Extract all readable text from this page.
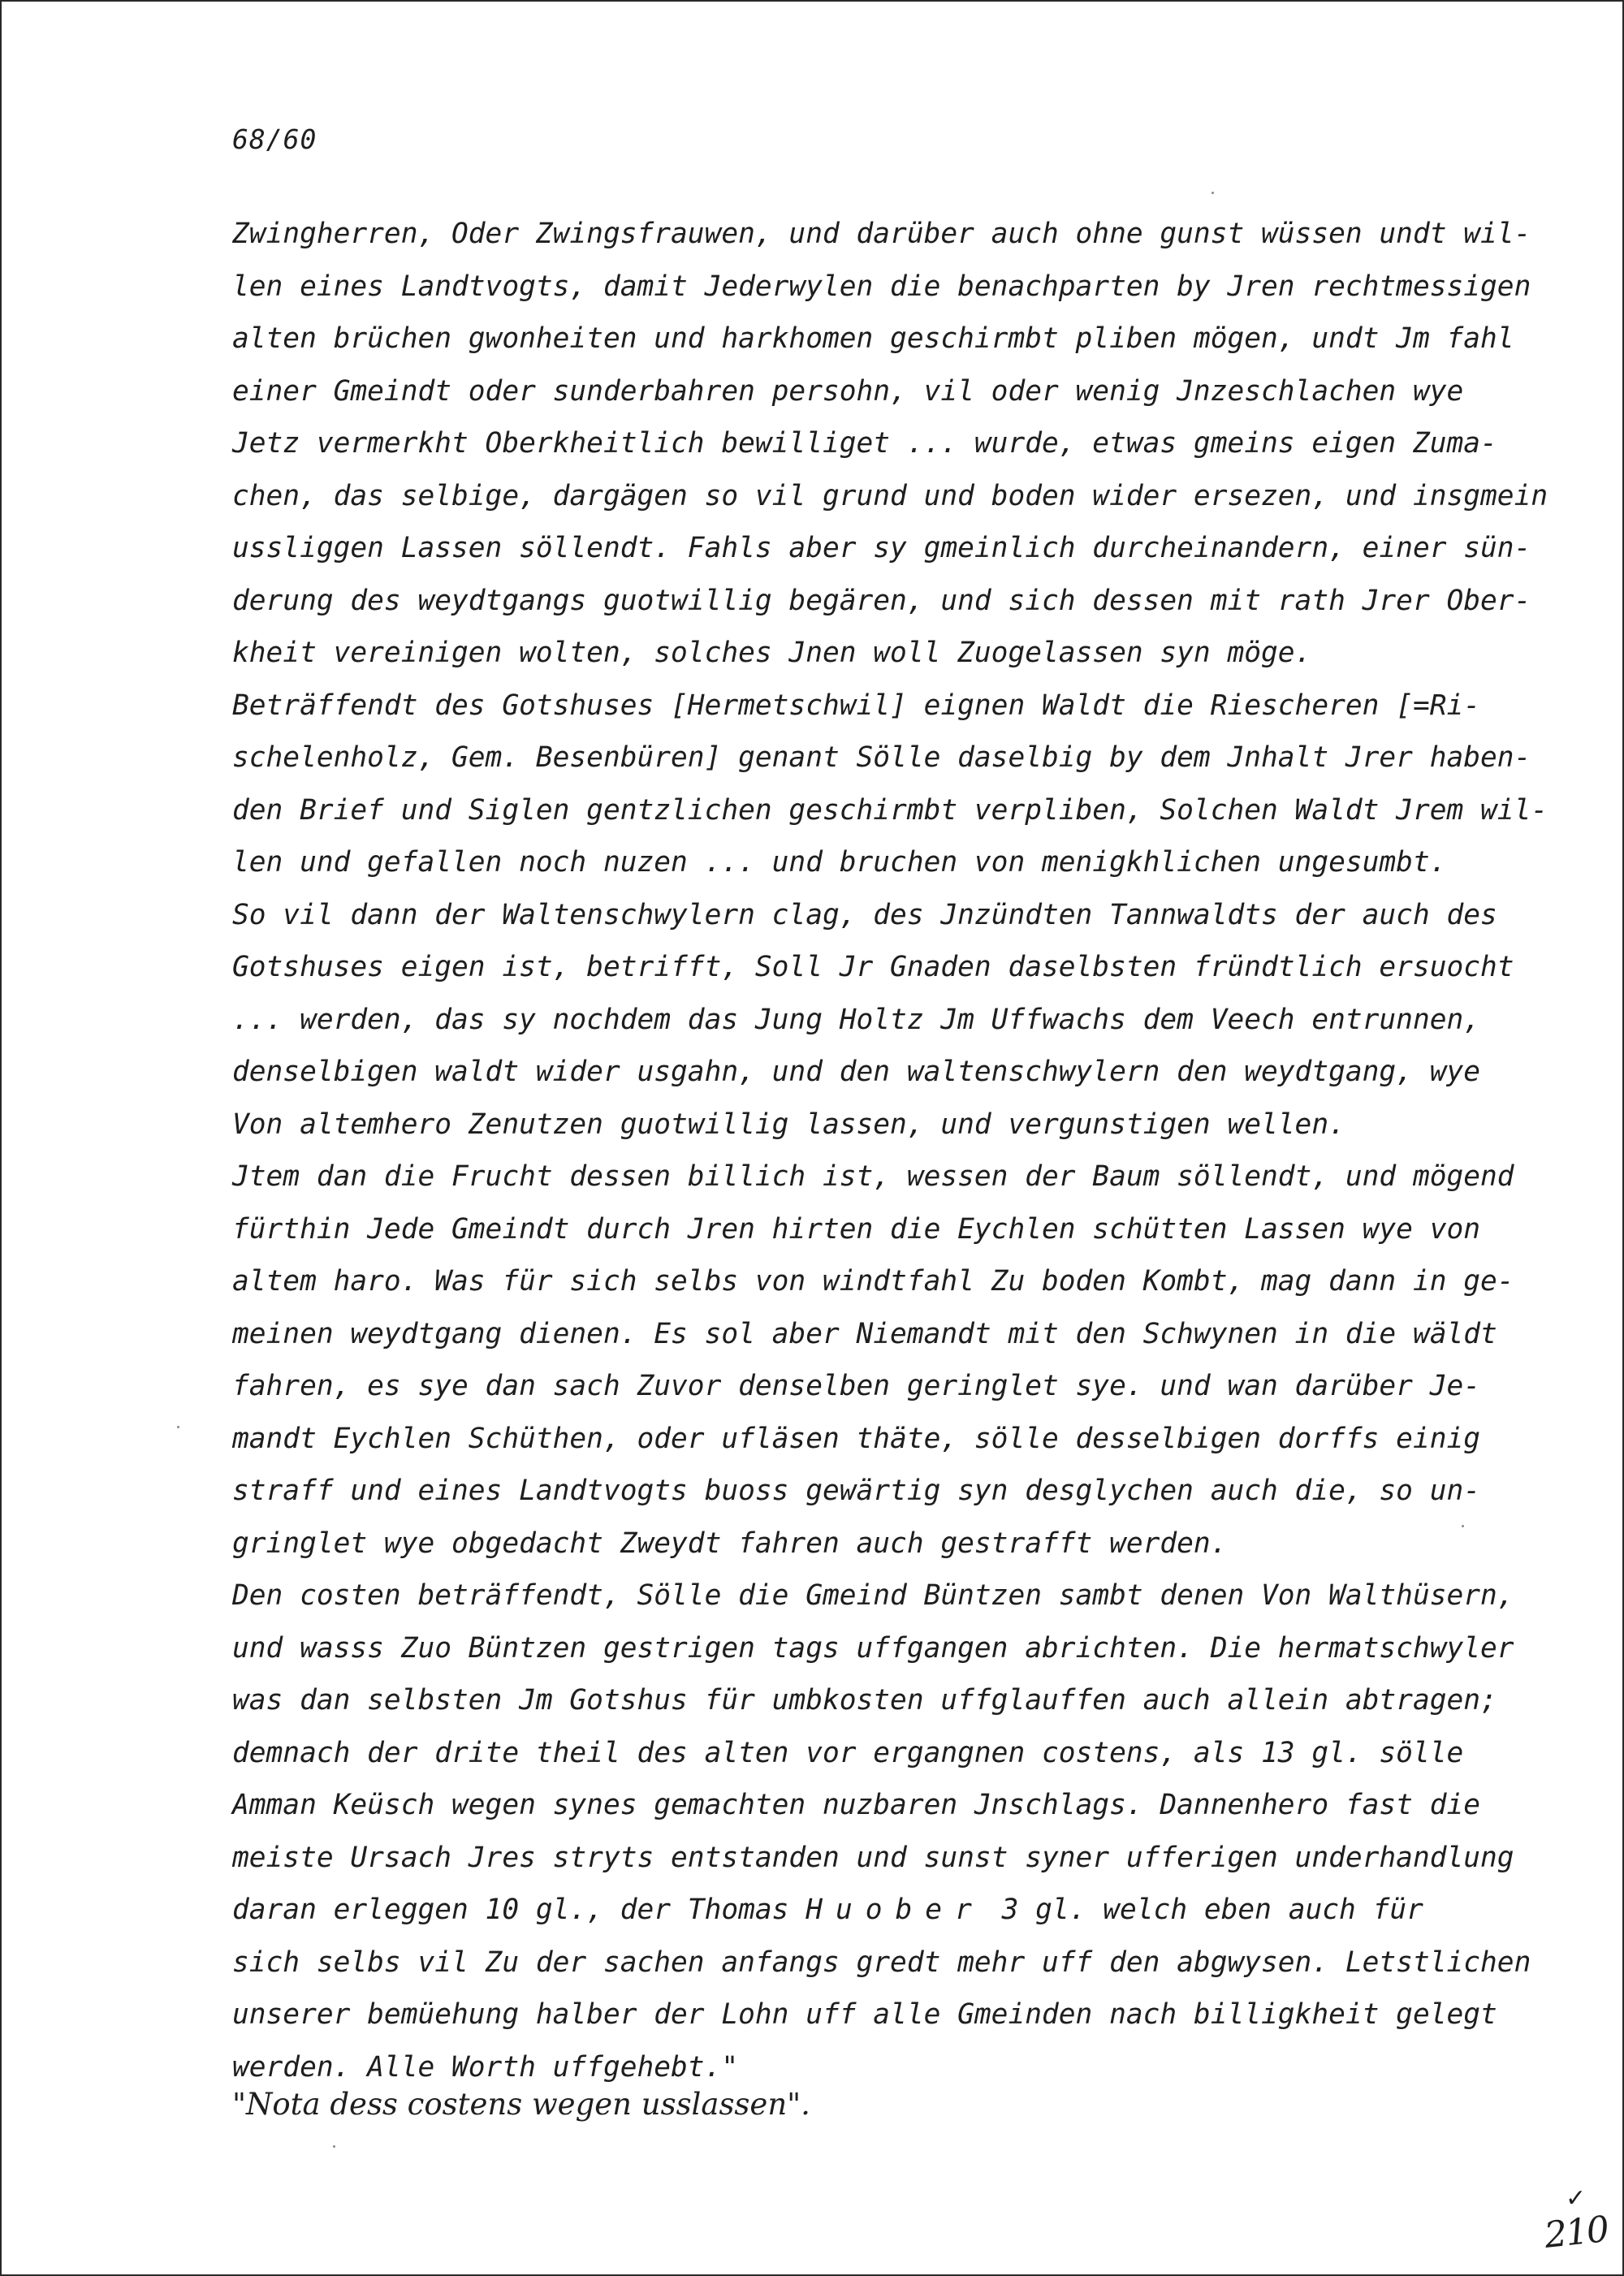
68/60
Zwingherren, Oder Zwingsfrauwen, und darüber auch ohne gunst wüssen undt wil-
len eines Landtvogts, damit Jederwylen die benachparten by Jren rechtmessigen
alten brüchen gwonheiten und harkhomen geschirmbt pliben mögen, undt Jm fahl
einer Gmeindt oder sunderbahren persohn, vil oder wenig Jnzeschlachen wye
Jetz vermerkht Oberkheitlich bewilliget ... wurde, etwas gmeins eigen Zuma-
chen, das selbige, dargägen so vil grund und boden wider ersezen, und insgmein
ussliggen Lassen söllendt. Fahls aber sy gmeinlich durcheinandern, einer sün-
derung des weydtgangs guotwillig begären, und sich dessen mit rath Jrer Ober-
kheit vereinigen wolten, solches Jnen woll Zuogelassen syn möge.
Beträffendt des Gotshuses [Hermetschwil] eignen Waldt die Riescheren [=Ri-
schelenholz, Gem. Besenbüren] genant Sölle daselbig by dem Jnhalt Jrer haben-
den Brief und Siglen gentzlichen geschirmbt verpliben, Solchen Waldt Jrem wil-
len und gefallen noch nuzen ... und bruchen von menigkhlichen ungesumbt.
So vil dann der Waltenschwylern clag, des Jnzündten Tannwaldts der auch des
Gotshuses eigen ist, betrifft, Soll Jr Gnaden daselbsten fründtlich ersuocht
... werden, das sy nochdem das Jung Holtz Jm Uffwachs dem Veech entrunnen,
denselbigen waldt wider usgahn, und den waltenschwylern den weydtgang, wye
Von altemhero Zenutzen guotwillig lassen, und vergunstigen wellen.
Jtem dan die Frucht dessen billich ist, wessen der Baum söllendt, und mögend
fürthin Jede Gmeindt durch Jren hirten die Eychlen schütten Lassen wye von
altem haro. Was für sich selbs von windtfahl Zu boden Kombt, mag dann in ge-
meinen weydtgang dienen. Es sol aber Niemandt mit den Schwynen in die wäldt
fahren, es sye dan sach Zuvor denselben geringlet sye. und wan darüber Je-
mandt Eychlen Schüthen, oder ufläsen thäte, sölle desselbigen dorffs einig
straff und eines Landtvogts buoss gewärtig syn desglychen auch die, so un-
gringlet wye obgedacht Zweydt fahren auch gestrafft werden.
Den costen beträffendt, Sölle die Gmeind Büntzen sambt denen Von Walthüsern,
und wasss Zuo Büntzen gestrigen tags uffgangen abrichten. Die hermatschwyler
was dan selbsten Jm Gotshus für umbkosten uffglauffen auch allein abtragen;
demnach der drite theil des alten vor ergangnen costens, als 13 gl. sölle
Amman Keüsch wegen synes gemachten nuzbaren Jnschlags. Dannenhero fast die
meiste Ursach Jres stryts entstanden und sunst syner ufferigen underhandlung
daran erleggen 10 gl., der Thomas Huober 3 gl. welch eben auch für
sich selbs vil Zu der sachen anfangs gredt mehr uff den abgwysen. Letstlichen
unserer bemüehung halber der Lohn uff alle Gmeinden nach billigkheit gelegt
werden. Alle Worth uffgehebt."
"Nota dess costens wegen usslassen".
✓
210
